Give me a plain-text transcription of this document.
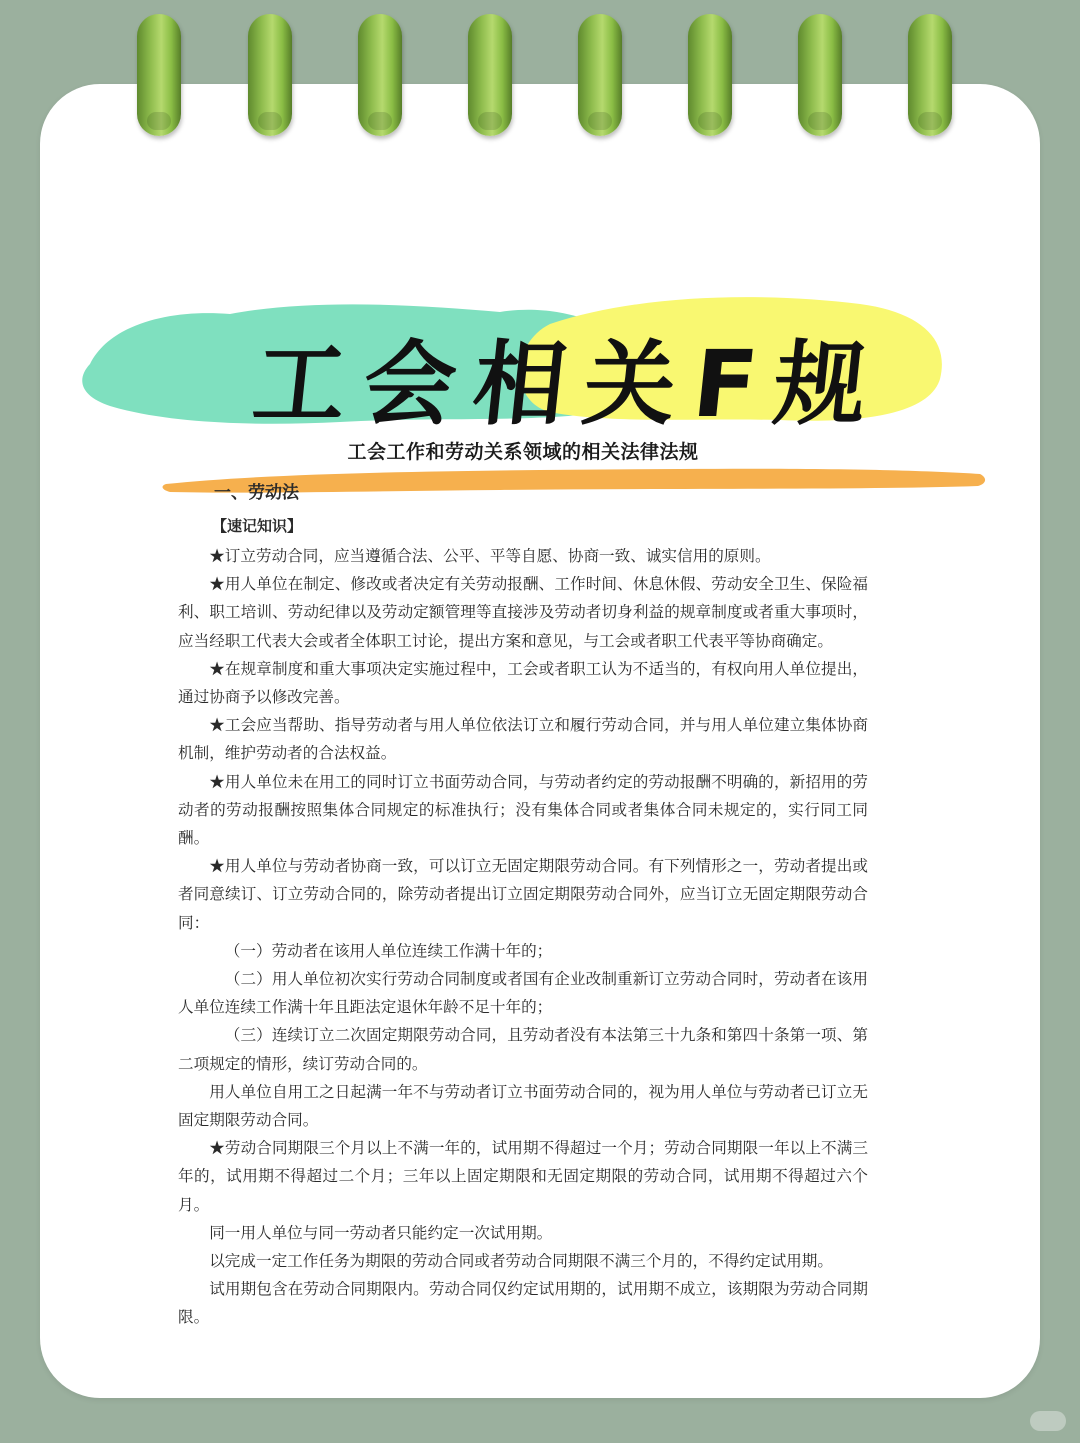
工会相关F规
工会工作和劳动关系领域的相关法律法规
一、劳动法
【速记知识】

★订立劳动合同，应当遵循合法、公平、平等自愿、协商一致、诚实信用的原则。

★用人单位在制定、修改或者决定有关劳动报酬、工作时间、休息休假、劳动安全卫生、保险福利、职工培训、劳动纪律以及劳动定额管理等直接涉及劳动者切身利益的规章制度或者重大事项时，应当经职工代表大会或者全体职工讨论，提出方案和意见，与工会或者职工代表平等协商确定。

★在规章制度和重大事项决定实施过程中，工会或者职工认为不适当的，有权向用人单位提出，通过协商予以修改完善。

★工会应当帮助、指导劳动者与用人单位依法订立和履行劳动合同，并与用人单位建立集体协商机制，维护劳动者的合法权益。

★用人单位未在用工的同时订立书面劳动合同，与劳动者约定的劳动报酬不明确的，新招用的劳动者的劳动报酬按照集体合同规定的标准执行；没有集体合同或者集体合同未规定的，实行同工同酬。

★用人单位与劳动者协商一致，可以订立无固定期限劳动合同。有下列情形之一，劳动者提出或者同意续订、订立劳动合同的，除劳动者提出订立固定期限劳动合同外，应当订立无固定期限劳动合同：

（一）劳动者在该用人单位连续工作满十年的；

（二）用人单位初次实行劳动合同制度或者国有企业改制重新订立劳动合同时，劳动者在该用人单位连续工作满十年且距法定退休年龄不足十年的；

（三）连续订立二次固定期限劳动合同，且劳动者没有本法第三十九条和第四十条第一项、第二项规定的情形，续订劳动合同的。

用人单位自用工之日起满一年不与劳动者订立书面劳动合同的，视为用人单位与劳动者已订立无固定期限劳动合同。

★劳动合同期限三个月以上不满一年的，试用期不得超过一个月；劳动合同期限一年以上不满三年的，试用期不得超过二个月；三年以上固定期限和无固定期限的劳动合同，试用期不得超过六个月。

同一用人单位与同一劳动者只能约定一次试用期。

以完成一定工作任务为期限的劳动合同或者劳动合同期限不满三个月的，不得约定试用期。

试用期包含在劳动合同期限内。劳动合同仅约定试用期的，试用期不成立，该期限为劳动合同期限。
